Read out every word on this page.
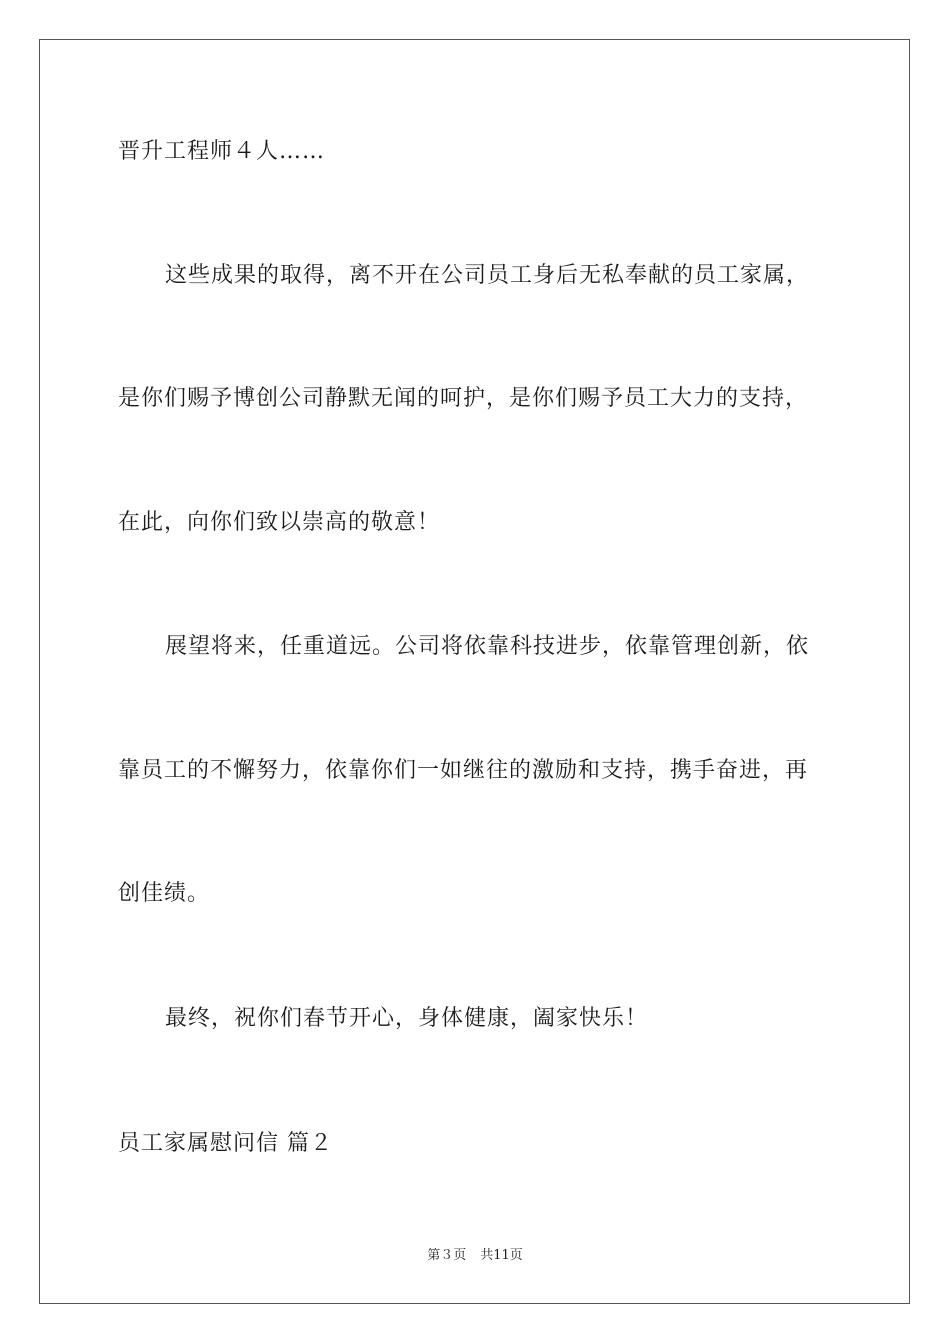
晋升工程师４人……
这些成果的取得，离不开在公司员工身后无私奉献的员工家属，
是你们赐予博创公司静默无闻的呵护，是你们赐予员工大力的支持，
在此，向你们致以崇高的敬意！
展望将来，任重道远。公司将依靠科技进步，依靠管理创新，依
靠员工的不懈努力，依靠你们一如继往的激励和支持，携手奋进，再
创佳绩。
最终，祝你们春节开心，身体健康，阖家快乐！
员工家属慰问信 篇２
第３页 共11页
